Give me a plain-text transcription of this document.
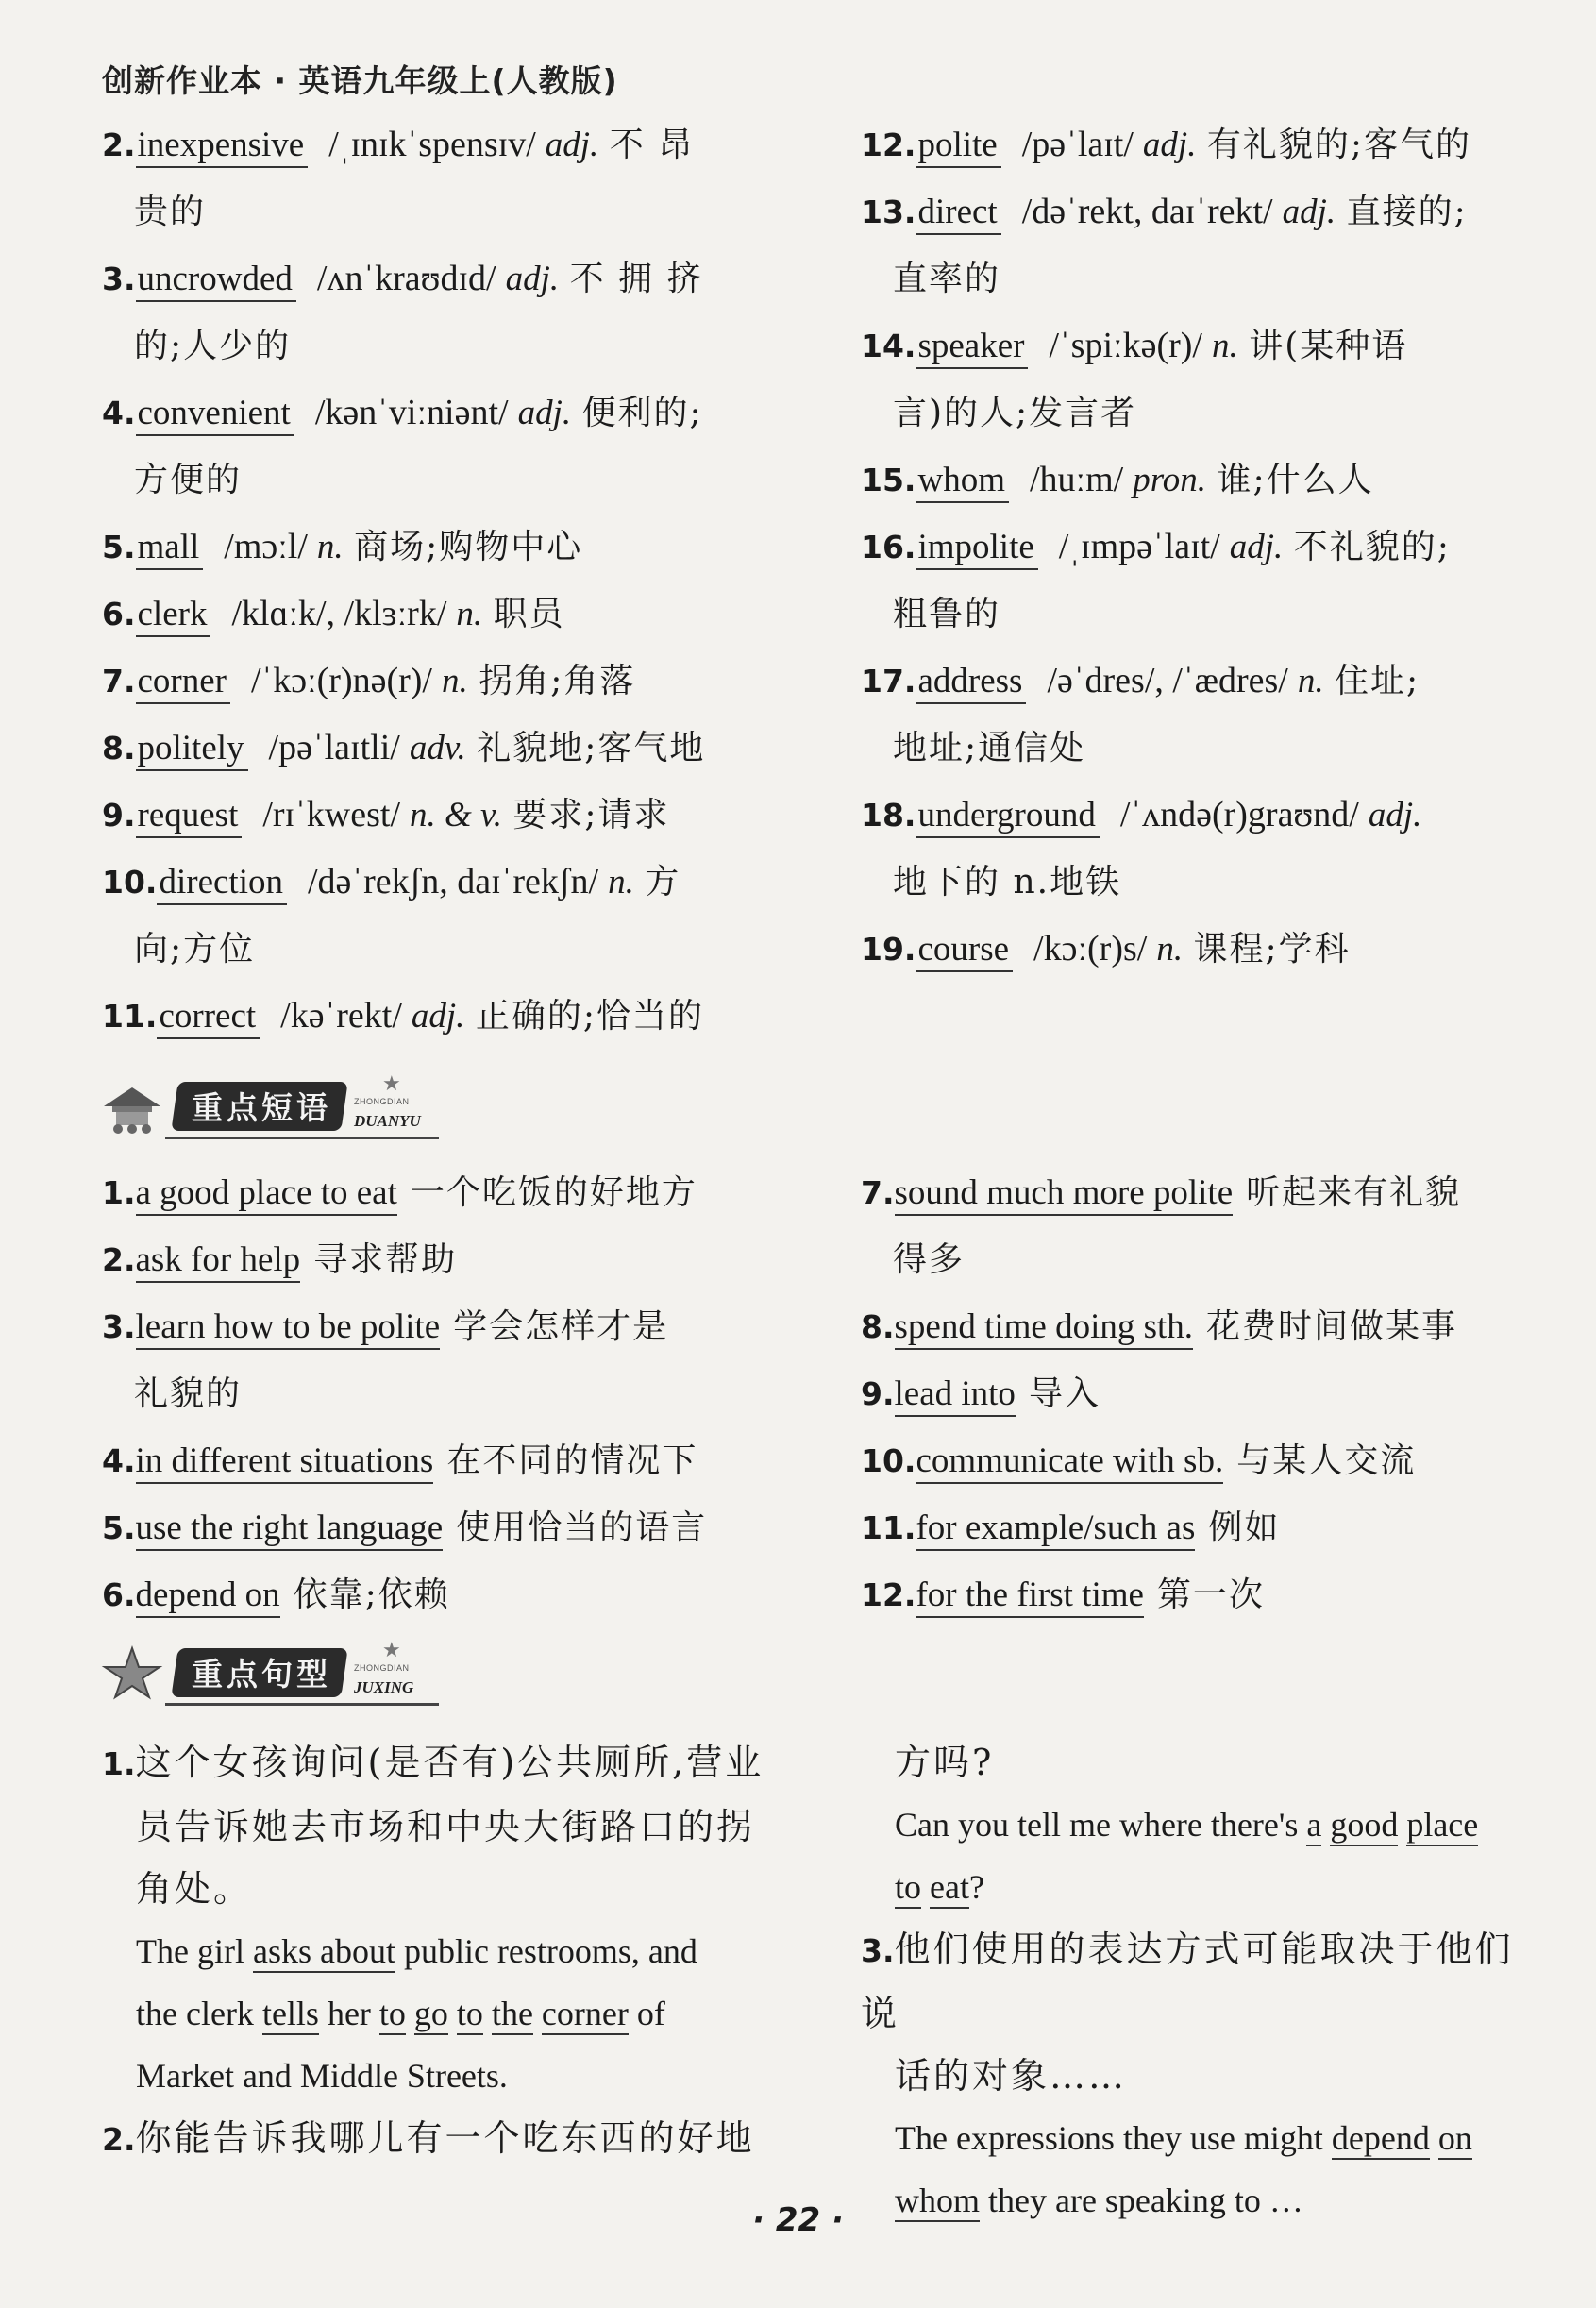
创新作业本 · 英语九年级上(人教版)

2.inexpensive /ˌɪnɪkˈspensɪv/ adj. 不 昂

贵的

3.uncrowded /ʌnˈkraʊdɪd/ adj. 不 拥 挤

的;人少的

4.convenient /kənˈviːniənt/ adj. 便利的;

方便的

5.mall /mɔːl/ n. 商场;购物中心

6.clerk /klɑːk/, /klɜːrk/ n. 职员

7.corner /ˈkɔː(r)nə(r)/ n. 拐角;角落

8.politely /pəˈlaɪtli/ adv. 礼貌地;客气地

9.request /rɪˈkwest/ n. & v. 要求;请求

10.direction /dəˈrekʃn, daɪˈrekʃn/ n. 方

向;方位

11.correct /kəˈrekt/ adj. 正确的;恰当的

12.polite /pəˈlaɪt/ adj. 有礼貌的;客气的

13.direct /dəˈrekt, daɪˈrekt/ adj. 直接的;

直率的

14.speaker /ˈspiːkə(r)/ n. 讲(某种语

言)的人;发言者

15.whom /huːm/ pron. 谁;什么人

16.impolite /ˌɪmpəˈlaɪt/ adj. 不礼貌的;

粗鲁的

17.address /əˈdres/, /ˈædres/ n. 住址;

地址;通信处

18.underground /ˈʌndə(r)graʊnd/ adj.

地下的 n.地铁

19.course /kɔː(r)s/ n. 课程;学科

重点短语	ZHONGDIAN
★
DUANYU

1.a good place to eat 一个吃饭的好地方

2.ask for help 寻求帮助

3.learn how to be polite 学会怎样才是

礼貌的

4.in different situations 在不同的情况下

5.use the right language 使用恰当的语言

6.depend on 依靠;依赖

7.sound much more polite 听起来有礼貌

得多

8.spend time doing sth. 花费时间做某事

9.lead into 导入

10.communicate with sb. 与某人交流

11.for example/such as 例如

12.for the first time 第一次

重点句型	ZHONGDIAN
★
JUXING

1.这个女孩询问(是否有)公共厕所,营业

员告诉她去市场和中央大街路口的拐

角处。

The girl asks about public restrooms, and

the clerk tells her to go to the corner of

Market and Middle Streets.

2.你能告诉我哪儿有一个吃东西的好地

方吗?

Can you tell me where there's a good place

to eat?

3.他们使用的表达方式可能取决于他们说

话的对象……

The expressions they use might depend on

whom they are speaking to …

· 22 ·
